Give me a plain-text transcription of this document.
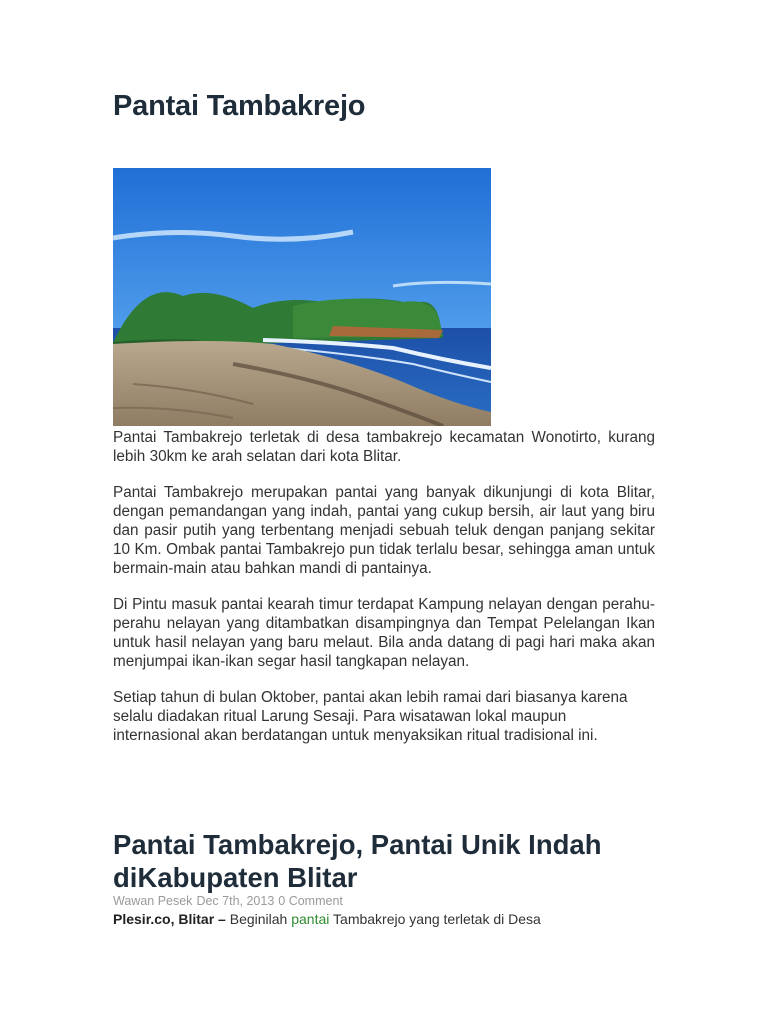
Pantai Tambakrejo

Pantai Tambakrejo terletak di desa tambakrejo kecamatan Wonotirto, kurang lebih 30km ke arah selatan dari kota Blitar.

Pantai Tambakrejo merupakan pantai yang banyak dikunjungi di kota Blitar, dengan pemandangan yang indah, pantai yang cukup bersih, air laut yang biru dan pasir putih yang terbentang menjadi sebuah teluk dengan panjang sekitar 10 Km. Ombak pantai Tambakrejo pun tidak terlalu besar, sehingga aman untuk bermain-main atau bahkan mandi di pantainya.

Di Pintu masuk pantai kearah timur terdapat Kampung nelayan dengan perahu-perahu nelayan yang ditambatkan disampingnya dan Tempat Pelelangan Ikan untuk hasil nelayan yang baru melaut. Bila anda datang di pagi hari maka akan menjumpai ikan-ikan segar hasil tangkapan nelayan.

Setiap tahun di bulan Oktober, pantai akan lebih ramai dari biasanya karena selalu diadakan ritual Larung Sesaji. Para wisatawan lokal maupun internasional akan berdatangan untuk menyaksikan ritual tradisional ini.

Pantai Tambakrejo, Pantai Unik Indah diKabupaten Blitar
Wawan Pesek Dec 7th, 2013 0 Comment
Plesir.co, Blitar – Beginilah pantai Tambakrejo yang terletak di Desa
